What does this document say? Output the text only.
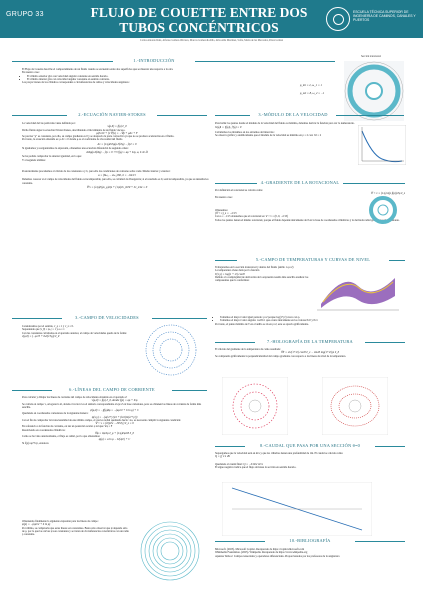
GRUPO 33	FLUJO DE COUETTE ENTRE DOS TUBOS CONCÉNTRICOS
ESCUELA TÉCNICA SUPERIOR DE INGENIERÍA DE CAMINOS, CANALES Y PUERTOS
Carlos Antonio Ruiz, Alfonso Gómez-Olivares, Marcos Gómez-Rodillo, Alba Alda Martínez, Sofía, María de las Mercedes, Pérez Gómez
1.-INTRODUCCIÓN

El Flujo de Couette describe el comportamiento de un fluido cuando se encuentra entre dos superficies que se mueven una respecto a la otra.

En nuestro caso:

• El cilindro exterior gira con velocidad angular constante en sentido horario.
• El cilindro interior gira con velocidad angular constante en sentido contrario.

Las proyecciones de los cilindros corresponden a circunferencias de radios y velocidades angulares:

Sección transversal
ρ_int = 2, ω_1 = 1
ρ_ext = 8, ω_2 = −1
2.-ECUACIÓN NAVIER-STOKES

La velocidad del las partículas viene definida por:

v(ρ,θ) = f(ρ) ê_θ

Dicho fluido sigue la ecuación Navier-Stokes, describiendo el movimiento de un fluido viscoso.

ρ(∂v/∂t + (v·∇)v) = −∇p + μΔv + F

Se precisa "p" es constante, por ello, su campo gradiente es 0 y se desprecia la parte convectiva ya que no se produce aceleración en el fluido.

Por tanto, la ecuación obtenida es: μ Δv = 0 donde μ es el coeficiente de viscosidad del fluido

Δv = (1/ρ)∂/∂ρ(ρ ∂f/∂ρ) − f/ρ² = 0

Si igualamos y reorganizamos la expresión, obtenemos una ecuación diferencial de segundo orden:

d/dρ(ρ df/dρ) − f/ρ = 0 ⟹ f(ρ) = aρ + b/ρ, a, b ∈ ℝ

Se ha podido comprobar la anterior igualdad, en la que:

Y al segundo término:

Posteriormente procedemos al cálculo de las constantes a y b, para ello las condiciones de contorno sobre cada cilindro interior y exterior:

a = (8ω₂ − 2ω₁)/60, b = −64/15

Debemos conocer si el campo de velocidades del fluido es incompresible, para ello, se calculará la divergencia; si el resultado es 0, será incompresible, ya que su densidad es constante.

∇·v = (1/ρ)∂(ρv_ρ)/∂ρ + (1/ρ)∂v_θ/∂θ + ∂v_z/∂z = 0

3.-MÓDULO DE LA VELOCIDAD

Para hallar los puntos donde el módulo de la velocidad del fluido es máximo, debemos derivar la función para ver lo numeratorio.

‖v(ρ)‖ = |f(ρ)|, f'(ρ) = 0

Calculamos los máximos en los extremos del intervalo:

Se observa gráfica y analíticamente que el módulo de la velocidad es máximo en ρ = 2 con: ‖v‖ = 2

4.-GRADIENTE DE LA ROTACIONAL

Por definición el rotacional se calcula como:

∇ × v = (1/ρ) ∂(ρ f(ρ))/∂ρ ê_z

En nuestro caso:

Obtenemos:

(∇ × v)_z = −2/15

Con a = −1/15 obtenemos que el rotacional es: ∇ × v = (0, 0, −2/15)

Todos los puntos tienen el mismo rotacional, porque el fluido depende únicamente de θ en la base de coordenadas cilíndricas y la derivada radial genera un valor constante.

5.-CAMPO DE TEMPERATURAS Y CURVAS DE NIVEL

Trabajaremos en la sección transversal y dentro del fluido (anillo 1≤ρ≤2)

La temperatura viene dada por la función

T(x,y) = log(1 + x²) cos²θ

Debido a la complejidad de derivación de la expresión resulta más sencillo analizar los componentes que la conforman:

• Tomamos el mayor valor igual periodo: ρ=2 porque log(1+ρ²) crece con ρ.
• Tomamos el mayor valor angular. cos²θ=1 que ocurre únicamente en los valores θ=0 y θ=π

Por tanto, el punto máximo de T en el anillo se da en ρ=2, este se aprecia gráficamente.

7.-HOLOGRAFÍA DE LA TEMPERATURA

El cálculo del gradiente de la temperatura da como resultado:

∇T = 2x/(1+x²) cos²θ ê_x − sin2θ log(1+x²)/ρ ê_θ

Se comprueba gráficamente la perpendicularidad del campo gradiente con respecto a las líneas de nivel de la temperatura.

8.-CAUDAL QUE PASA POR UNA SECCIÓN θ=0

Supongamos que la velocidad está en m/s y que los cilindros tienen una profundidad de 1m. El caudal se calcula como:

Q = ∫∫ v·n dS

Quedando el caudal final: Q = −0.022 m³/s

El signo negativo indica que el flujo atraviesa la sección en sentido horario.

3.-CAMPO DE VELOCIDADES

Consideremos por el sentido, v_ρ = 1 y v_z = 0.

Suponiendo que |v_θ| = |ω₁| = 1 y ω = 1

Con las constantes calculadas en el apartado anterior, el campo de velocidades queda de la forma:

v(ρ,θ) = (−ρ/15 + 64/(15ρ)) ê_θ

6.-LÍNEAS DEL CAMPO DE CORRIENTE

Para calcular y dibujar las líneas de corriente del campo de velocidades obtenido en el apartado 2:

v(ρ,θ) = f(ρ) ê_θ, donde f(ρ) = aρ + b/ρ

Se calcula en campo v, ortogonal a él, donde el vector ê es el unitario correspondiente al eje Z en base cartesiana, pero se obtienen las líneas de corriente de forma más sencilla.

ψ(ρ,θ) = −∫f(ρ)dρ = −(aρ²/2 + b ln ρ) + C

Quedando en coordenadas cartesianas de la siguiente manera:

ψ(x,y) = −(a(x²+y²)/2 + (b/2)ln(x²+y²))

Con el fin de comprobar la irrotacionalidad de este último campo, el cual es radial quedando hacia ~xo, es necesario cumplir la siguiente condición:

∇ × v = (∂Q/∂x − ∂P/∂y) ê_z = 0

En referencia a la función de corriente, en tan un potencial escalar φ tal que: ∇φ = F

Resolviendo en coordenadas cilíndricas:

∇φ = ∂φ/∂ρ ê_ρ + (1/ρ)∂φ/∂θ ê_θ

Como se ha visto anteriormente, el flujo es radial, por lo que obtenemos:

φ(ρ) = a ln ρ − b/(2ρ²) + C

Si f(ρ)=aρ+b/ρ, entonces

Obteniendo finalmente la siguiente expresión para las líneas de campo:

ψ(ρ) = −(aρ²/2 + b ln ρ)

Por último, se comprueba que estas líneas son constantes. Basta sólo observar que ψ depende sólo de ρ, por lo que las curvas ψ son constantes y se tratan de circunferencias concéntricas con un radio ρ constante.

10.-BIBLIOGRAFÍA

Microsoft. (2025). Microsoft Copilot. Recuperado de https://copilot.microsoft.com

Wikimedia Foundation. (2025). Wikipedia. Recuperado de https://www.wikipedia.org

Apuntes Tema 2. Campos tensoriales y operadores diferenciales. Proporcionados por los profesores de la asignatura
